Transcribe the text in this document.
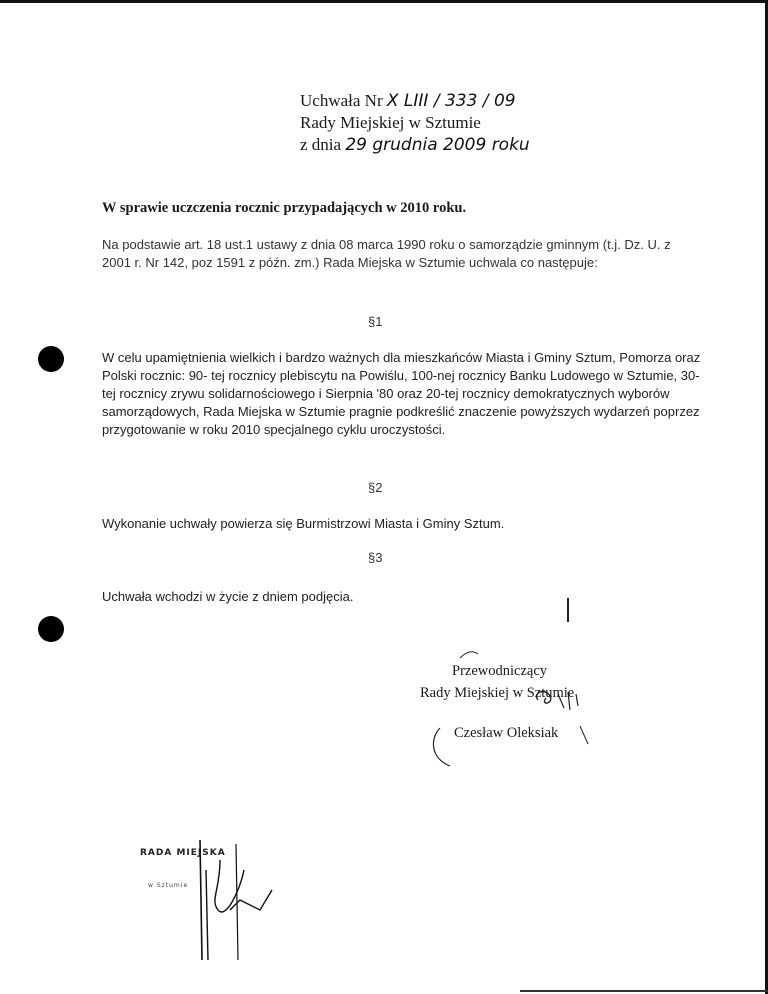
Uchwała Nr X LIII / 333 / 09
Rady Miejskiej w Sztumie
z dnia 29 grudnia 2009 roku
W sprawie uczczenia rocznic przypadających w 2010 roku.
Na podstawie art. 18 ust.1 ustawy z dnia 08 marca 1990 roku o samorządzie gminnym (t.j. Dz. U. z 2001 r. Nr 142, poz 1591 z późn. zm.) Rada Miejska w Sztumie uchwala co następuje:
§1
W celu upamiętnienia wielkich i bardzo ważnych dla mieszkańców Miasta i Gminy Sztum, Pomorza oraz Polski rocznic: 90- tej rocznicy plebiscytu na Powiślu, 100-nej rocznicy Banku Ludowego w Sztumie, 30-tej rocznicy zrywu solidarnościowego i Sierpnia '80 oraz 20-tej rocznicy demokratycznych wyborów samorządowych, Rada Miejska w Sztumie pragnie podkreślić znaczenie powyższych wydarzeń poprzez przygotowanie w roku 2010 specjalnego cyklu uroczystości.
§2
Wykonanie uchwały powierza się Burmistrzowi Miasta i Gminy Sztum.
§3
Uchwała wchodzi w życie z dniem podjęcia.
Przewodniczący
Rady Miejskiej w Sztumie
Czesław Oleksiak
RADA MIEJSKA
w Sztumie
